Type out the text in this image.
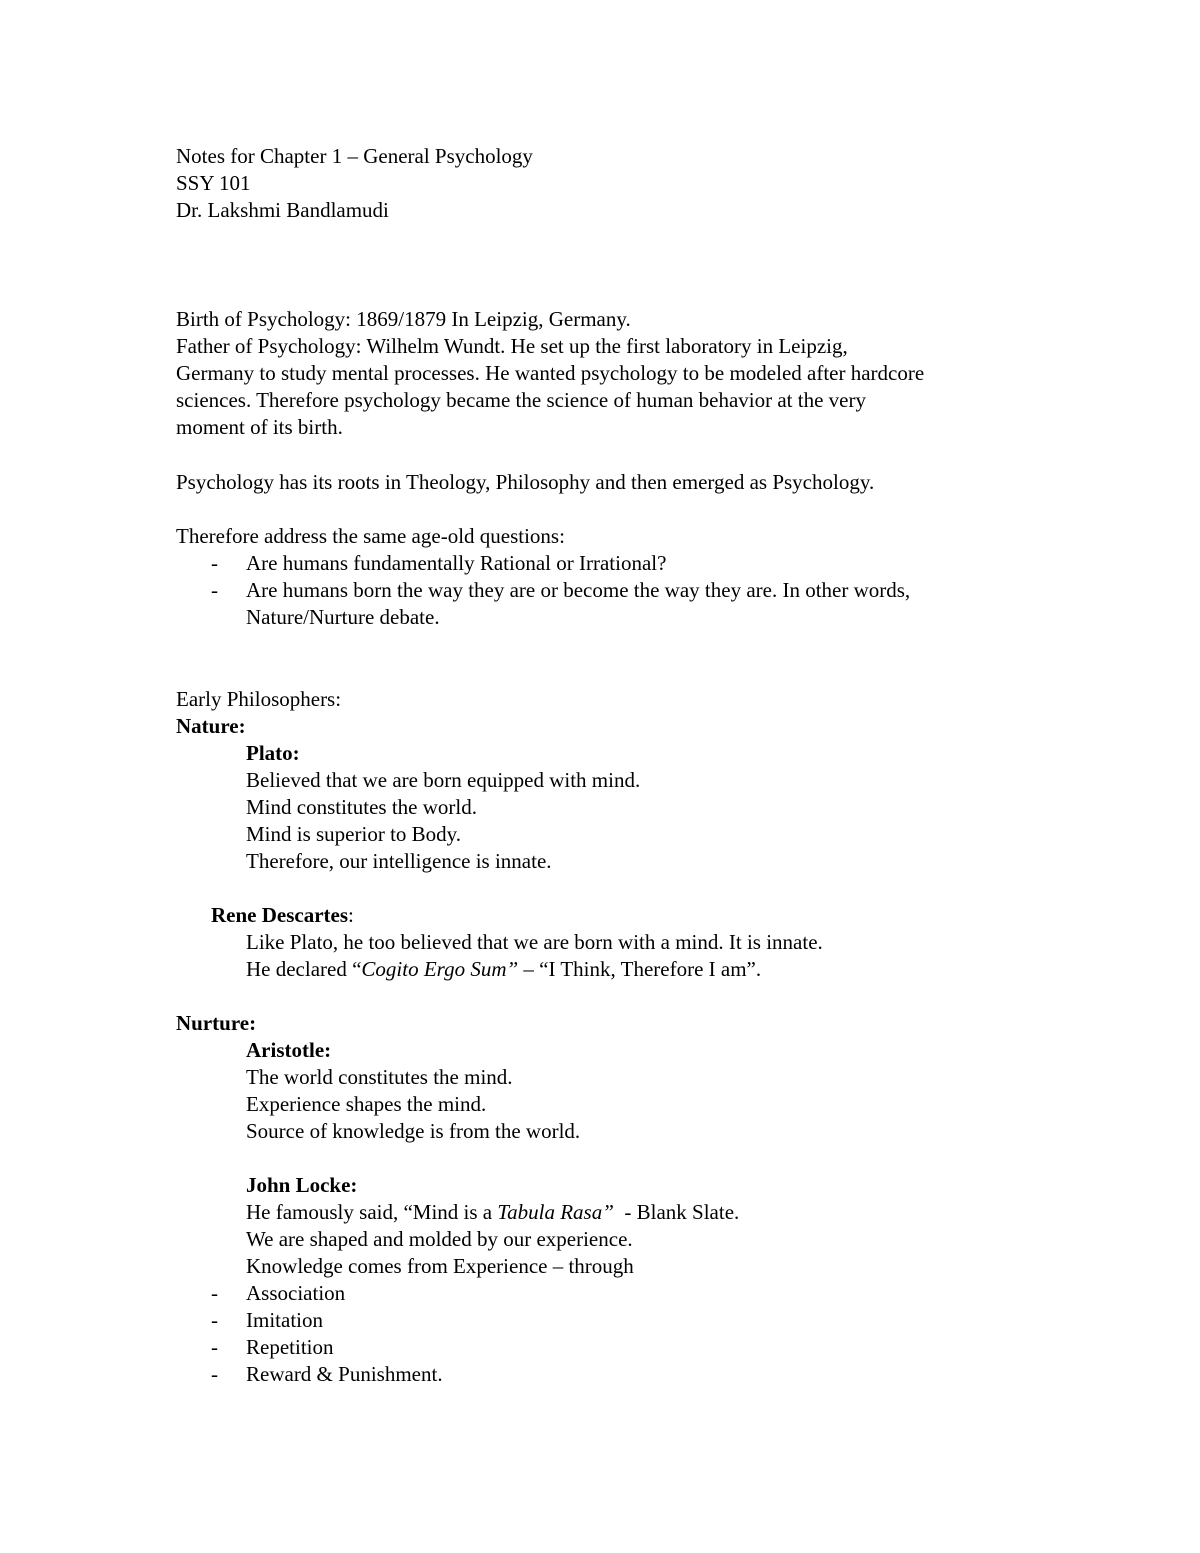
Notes for Chapter 1 – General Psychology
SSY 101
Dr. Lakshmi Bandlamudi
Birth of Psychology: 1869/1879 In Leipzig, Germany.
Father of Psychology: Wilhelm Wundt. He set up the first laboratory in Leipzig,
Germany to study mental processes. He wanted psychology to be modeled after hardcore
sciences. Therefore psychology became the science of human behavior at the very
moment of its birth.
Psychology has its roots in Theology, Philosophy and then emerged as Psychology.
Therefore address the same age-old questions:
- Are humans fundamentally Rational or Irrational?
- Are humans born the way they are or become the way they are. In other words,
Nature/Nurture debate.
Early Philosophers:
Nature:
Plato:
Believed that we are born equipped with mind.
Mind constitutes the world.
Mind is superior to Body.
Therefore, our intelligence is innate.
Rene Descartes:
Like Plato, he too believed that we are born with a mind. It is innate.
He declared “Cogito Ergo Sum” – “I Think, Therefore I am”.
Nurture:
Aristotle:
The world constitutes the mind.
Experience shapes the mind.
Source of knowledge is from the world.
John Locke:
He famously said, “Mind is a Tabula Rasa”  - Blank Slate.
We are shaped and molded by our experience.
Knowledge comes from Experience – through
- Association
- Imitation
- Repetition
- Reward & Punishment.
